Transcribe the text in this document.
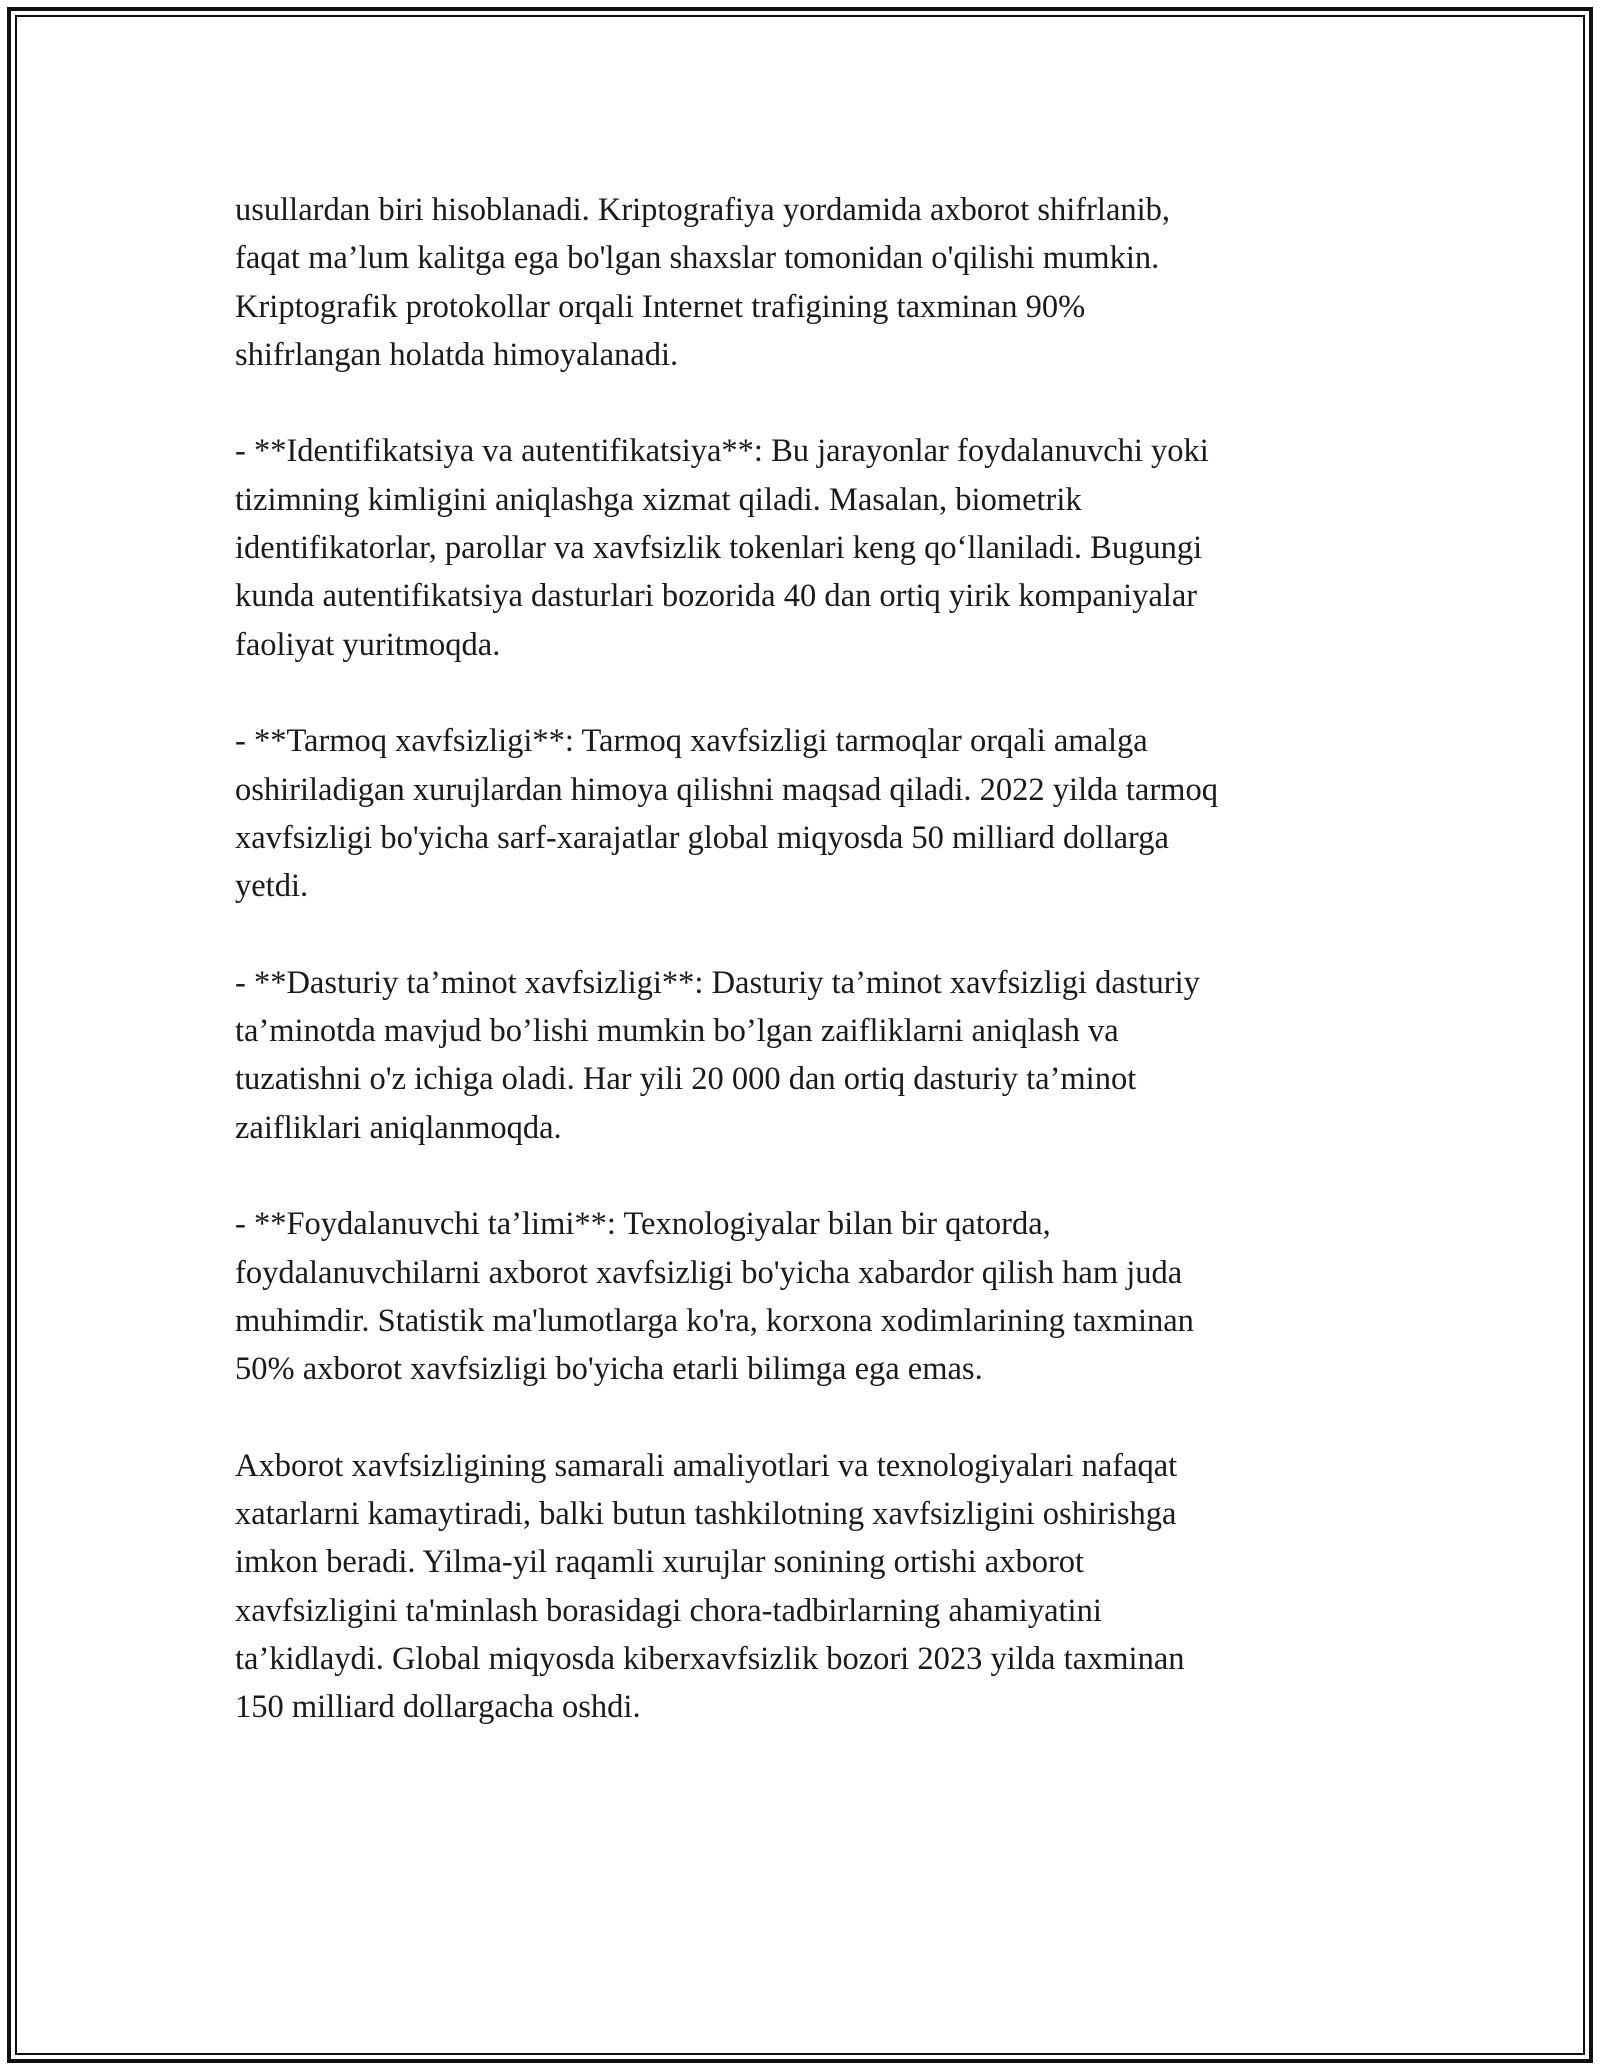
usullardan biri hisoblanadi. Kriptografiya yordamida axborot shifrlanib,
faqat ma’lum kalitga ega bo'lgan shaxslar tomonidan o'qilishi mumkin.
Kriptografik protokollar orqali Internet trafigining taxminan 90%
shifrlangan holatda himoyalanadi.

- **Identifikatsiya va autentifikatsiya**: Bu jarayonlar foydalanuvchi yoki
tizimning kimligini aniqlashga xizmat qiladi. Masalan, biometrik
identifikatorlar, parollar va xavfsizlik tokenlari keng qo‘llaniladi. Bugungi
kunda autentifikatsiya dasturlari bozorida 40 dan ortiq yirik kompaniyalar
faoliyat yuritmoqda.

- **Tarmoq xavfsizligi**: Tarmoq xavfsizligi tarmoqlar orqali amalga
oshiriladigan xurujlardan himoya qilishni maqsad qiladi. 2022 yilda tarmoq
xavfsizligi bo'yicha sarf-xarajatlar global miqyosda 50 milliard dollarga
yetdi.

- **Dasturiy ta’minot xavfsizligi**: Dasturiy ta’minot xavfsizligi dasturiy
ta’minotda mavjud bo’lishi mumkin bo’lgan zaifliklarni aniqlash va
tuzatishni o'z ichiga oladi. Har yili 20 000 dan ortiq dasturiy ta’minot
zaifliklari aniqlanmoqda.

- **Foydalanuvchi ta’limi**: Texnologiyalar bilan bir qatorda,
foydalanuvchilarni axborot xavfsizligi bo'yicha xabardor qilish ham juda
muhimdir. Statistik ma'lumotlarga ko'ra, korxona xodimlarining taxminan
50% axborot xavfsizligi bo'yicha etarli bilimga ega emas.

Axborot xavfsizligining samarali amaliyotlari va texnologiyalari nafaqat
xatarlarni kamaytiradi, balki butun tashkilotning xavfsizligini oshirishga
imkon beradi. Yilma-yil raqamli xurujlar sonining ortishi axborot
xavfsizligini ta'minlash borasidagi chora-tadbirlarning ahamiyatini
ta’kidlaydi. Global miqyosda kiberxavfsizlik bozori 2023 yilda taxminan
150 milliard dollargacha oshdi.
